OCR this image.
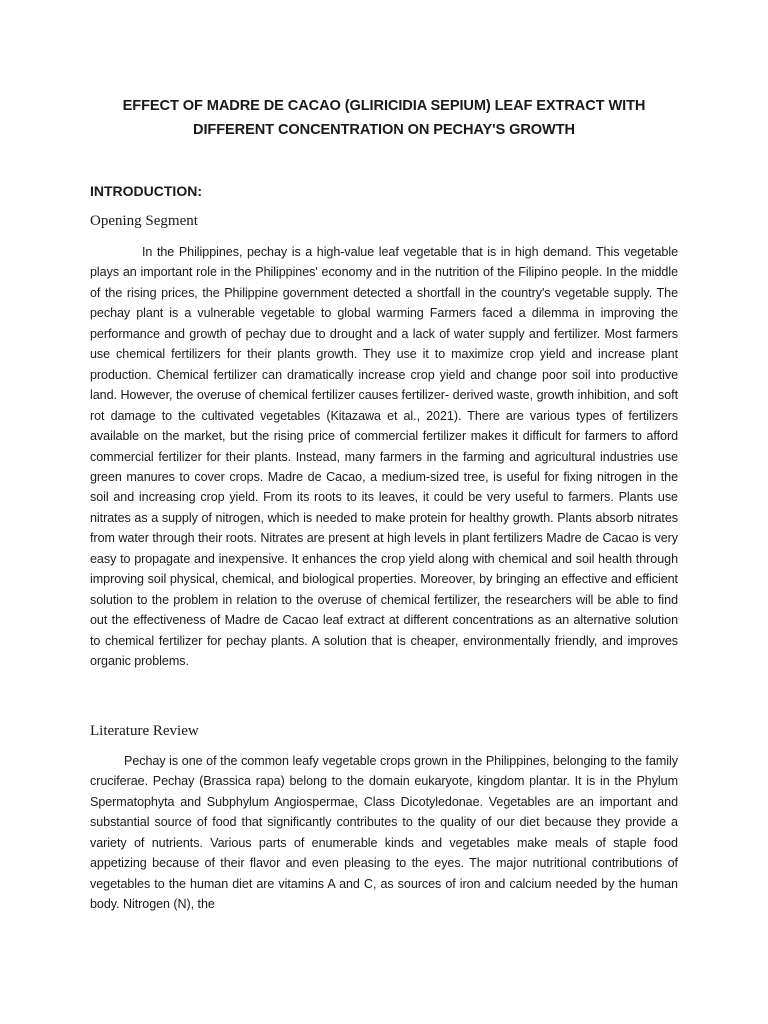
EFFECT OF MADRE DE CACAO (GLIRICIDIA SEPIUM) LEAF EXTRACT WITH DIFFERENT CONCENTRATION ON PECHAY'S GROWTH
INTRODUCTION:
Opening Segment

In the Philippines, pechay is a high-value leaf vegetable that is in high demand. This vegetable plays an important role in the Philippines' economy and in the nutrition of the Filipino people. In the middle of the rising prices, the Philippine government detected a shortfall in the country's vegetable supply. The pechay plant is a vulnerable vegetable to global warming Farmers faced a dilemma in improving the performance and growth of pechay due to drought and a lack of water supply and fertilizer. Most farmers use chemical fertilizers for their plants growth. They use it to maximize crop yield and increase plant production. Chemical fertilizer can dramatically increase crop yield and change poor soil into productive land. However, the overuse of chemical fertilizer causes fertilizer- derived waste, growth inhibition, and soft rot damage to the cultivated vegetables (Kitazawa et al., 2021). There are various types of fertilizers available on the market, but the rising price of commercial fertilizer makes it difficult for farmers to afford commercial fertilizer for their plants. Instead, many farmers in the farming and agricultural industries use green manures to cover crops. Madre de Cacao, a medium-sized tree, is useful for fixing nitrogen in the soil and increasing crop yield. From its roots to its leaves, it could be very useful to farmers. Plants use nitrates as a supply of nitrogen, which is needed to make protein for healthy growth. Plants absorb nitrates from water through their roots. Nitrates are present at high levels in plant fertilizers Madre de Cacao is very easy to propagate and inexpensive. It enhances the crop yield along with chemical and soil health through improving soil physical, chemical, and biological properties. Moreover, by bringing an effective and efficient solution to the problem in relation to the overuse of chemical fertilizer, the researchers will be able to find out the effectiveness of Madre de Cacao leaf extract at different concentrations as an alternative solution to chemical fertilizer for pechay plants. A solution that is cheaper, environmentally friendly, and improves organic problems.

Literature Review

Pechay is one of the common leafy vegetable crops grown in the Philippines, belonging to the family cruciferae. Pechay (Brassica rapa) belong to the domain eukaryote, kingdom plantar. It is in the Phylum Spermatophyta and Subphylum Angiospermae, Class Dicotyledonae. Vegetables are an important and substantial source of food that significantly contributes to the quality of our diet because they provide a variety of nutrients. Various parts of enumerable kinds and vegetables make meals of staple food appetizing because of their flavor and even pleasing to the eyes. The major nutritional contributions of vegetables to the human diet are vitamins A and C, as sources of iron and calcium needed by the human body. Nitrogen (N), the
